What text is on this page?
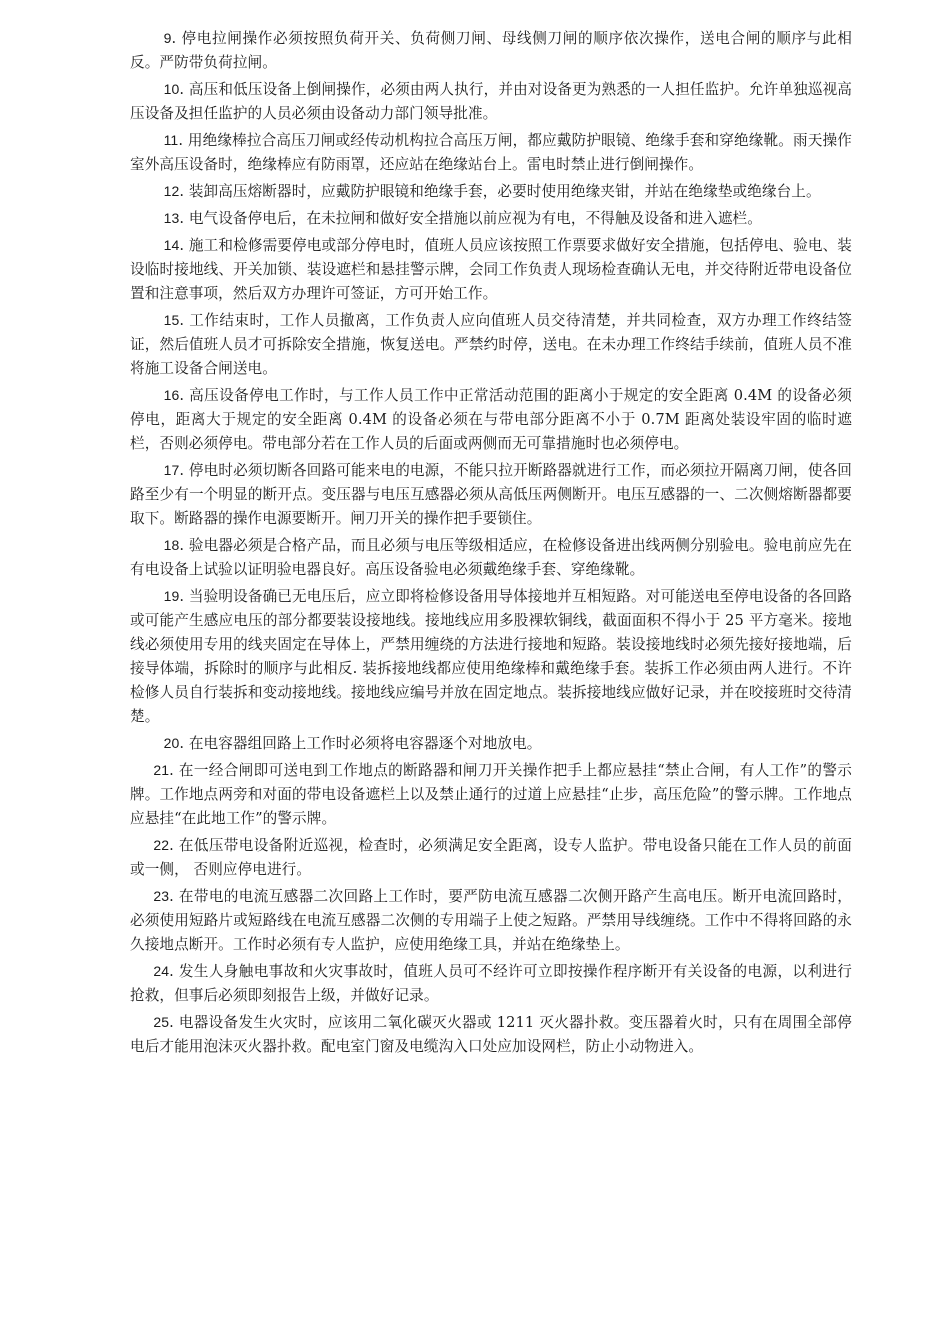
9. 停电拉闸操作必须按照负荷开关、负荷侧刀闸、母线侧刀闸的顺序依次操作，送电合闸的顺序与此相反。严防带负荷拉闸。

10. 高压和低压设备上倒闸操作，必须由两人执行，并由对设备更为熟悉的一人担任监护。允许单独巡视高压设备及担任监护的人员必须由设备动力部门领导批准。

11. 用绝缘棒拉合高压刀闸或经传动机构拉合高压万闸，都应戴防护眼镜、绝缘手套和穿绝缘靴。雨天操作室外高压设备时，绝缘棒应有防雨罩，还应站在绝缘站台上。雷电时禁止进行倒闸操作。

12. 装卸高压熔断器时，应戴防护眼镜和绝缘手套，必要时使用绝缘夹钳，并站在绝缘垫或绝缘台上。

13. 电气设备停电后，在未拉闸和做好安全措施以前应视为有电，不得触及设备和进入遮栏。

14. 施工和检修需要停电或部分停电时，值班人员应该按照工作票要求做好安全措施，包括停电、验电、装设临时接地线、开关加锁、装设遮栏和悬挂警示牌，会同工作负责人现场检查确认无电，并交待附近带电设备位置和注意事项，然后双方办理许可签证，方可开始工作。

15. 工作结束时，工作人员撤离，工作负责人应向值班人员交待清楚，并共同检查，双方办理工作终结签证，然后值班人员才可拆除安全措施，恢复送电。严禁约时停，送电。在未办理工作终结手续前，值班人员不准将施工设备合闸送电。

16. 高压设备停电工作时，与工作人员工作中正常活动范围的距离小于规定的安全距离 0.4M 的设备必须停电，距离大于规定的安全距离 0.4M 的设备必须在与带电部分距离不小于 0.7M 距离处装设牢固的临时遮栏，否则必须停电。带电部分若在工作人员的后面或两侧而无可靠措施时也必须停电。

17. 停电时必须切断各回路可能来电的电源，不能只拉开断路器就进行工作，而必须拉开隔离刀闸，使各回路至少有一个明显的断开点。变压器与电压互感器必须从高低压两侧断开。电压互感器的一、二次侧熔断器都要取下。断路器的操作电源要断开。闸刀开关的操作把手要锁住。

18. 验电器必须是合格产品，而且必须与电压等级相适应，在检修设备进出线两侧分别验电。验电前应先在有电设备上试验以证明验电器良好。高压设备验电必须戴绝缘手套、穿绝缘靴。

19. 当验明设备确已无电压后，应立即将检修设备用导体接地并互相短路。对可能送电至停电设备的各回路或可能产生感应电压的部分都要装设接地线。接地线应用多股裸软铜线，截面面积不得小于 25 平方毫米。接地线必须使用专用的线夹固定在导体上，严禁用缠绕的方法进行接地和短路。装设接地线时必须先接好接地端，后接导体端，拆除时的顺序与此相反. 装拆接地线都应使用绝缘棒和戴绝缘手套。装拆工作必须由两人进行。不许检修人员自行装拆和变动接地线。接地线应编号并放在固定地点。装拆接地线应做好记录，并在咬接班时交待清楚。

20. 在电容器组回路上工作时必须将电容器逐个对地放电。

21. 在一经合闸即可送电到工作地点的断路器和闸刀开关操作把手上都应悬挂“禁止合闸，有人工作”的警示牌。工作地点两旁和对面的带电设备遮栏上以及禁止通行的过道上应悬挂“止步，高压危险”的警示牌。工作地点应悬挂“在此地工作”的警示牌。

22. 在低压带电设备附近巡视，检查时，必须满足安全距离，设专人监护。带电设备只能在工作人员的前面或一侧， 否则应停电进行。

23. 在带电的电流互感器二次回路上工作时，要严防电流互感器二次侧开路产生高电压。断开电流回路时，必须使用短路片或短路线在电流互感器二次侧的专用端子上使之短路。严禁用导线缠绕。工作中不得将回路的永久接地点断开。工作时必须有专人监护，应使用绝缘工具，并站在绝缘垫上。

24. 发生人身触电事故和火灾事故时，值班人员可不经许可立即按操作程序断开有关设备的电源，以利进行抢救，但事后必须即刻报告上级，并做好记录。

25. 电器设备发生火灾时，应该用二氧化碳灭火器或 1211 灭火器扑救。变压器着火时，只有在周围全部停电后才能用泡沫灭火器扑救。配电室门窗及电缆沟入口处应加设网栏，防止小动物进入。
